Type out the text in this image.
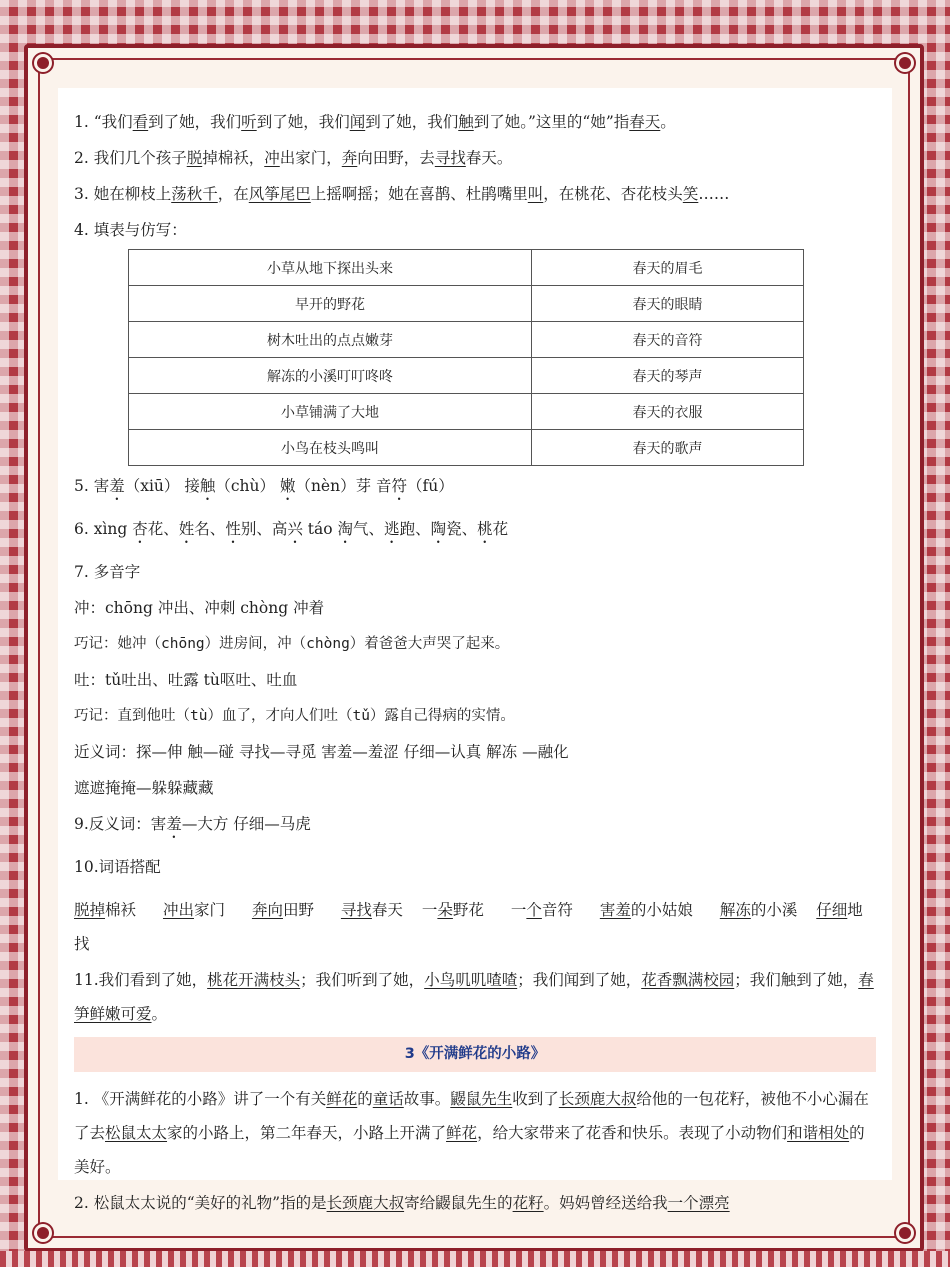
1. “我们看到了她，我们听到了她，我们闻到了她，我们触到了她。”这里的“她”指春天。

2. 我们几个孩子脱掉棉袄，冲出家门，奔向田野，去寻找春天。

3. 她在柳枝上荡秋千，在风筝尾巴上摇啊摇；她在喜鹊、杜鹃嘴里叫，在桃花、杏花枝头笑……

4. 填表与仿写：

小草从地下探出头来	春天的眉毛
早开的野花	春天的眼睛
树木吐出的点点嫩芽	春天的音符
解冻的小溪叮叮咚咚	春天的琴声
小草铺满了大地	春天的衣服
小鸟在枝头鸣叫	春天的歌声

5. 害羞（xiū） 接触（chù） 嫩（nèn）芽 音符（fú）

6. xìng 杏花、姓名、性别、高兴 táo 淘气、逃跑、陶瓷、桃花

7. 多音字

冲：chōng 冲出、冲刺 chòng 冲着

巧记：她冲（chōng）进房间，冲（chòng）着爸爸大声哭了起来。

吐：tǔ吐出、吐露 tù呕吐、吐血

巧记：直到他吐（tù）血了，才向人们吐（tǔ）露自己得病的实情。

近义词：探—伸 触—碰 寻找—寻觅 害羞—羞涩 仔细—认真 解冻 —融化

遮遮掩掩—躲躲藏藏

9.反义词：害羞—大方 仔细—马虎

10.词语搭配

脱掉棉袄 冲出家门 奔向田野 寻找春天 一朵野花 一个音符 害羞的小姑娘 解冻的小溪 仔细地找

11.我们看到了她，桃花开满枝头；我们听到了她，小鸟叽叽喳喳；我们闻到了她，花香飘满校园；我们触到了她，春笋鲜嫩可爱。

3《开满鲜花的小路》

1. 《开满鲜花的小路》讲了一个有关鲜花的童话故事。鼹鼠先生收到了长颈鹿大叔给他的一包花籽，被他不小心漏在了去松鼠太太家的小路上，第二年春天，小路上开满了鲜花，给大家带来了花香和快乐。表现了小动物们和谐相处的美好。

2. 松鼠太太说的“美好的礼物”指的是长颈鹿大叔寄给鼹鼠先生的花籽。妈妈曾经送给我一个漂亮
